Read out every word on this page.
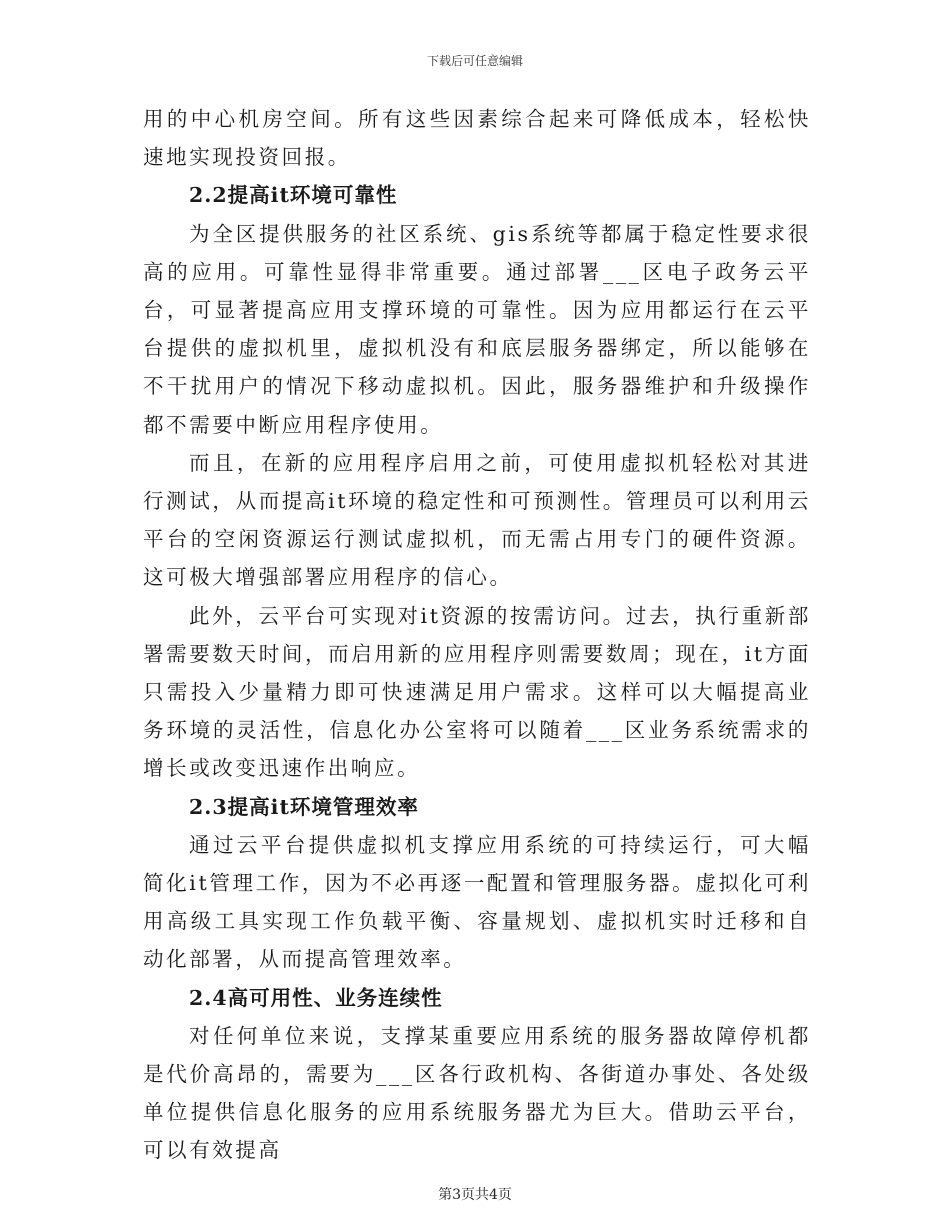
下载后可任意编辑

用的中心机房空间。所有这些因素综合起来可降低成本，轻松快速地实现投资回报。

2.2提高it环境可靠性

为全区提供服务的社区系统、gis系统等都属于稳定性要求很高的应用。可靠性显得非常重要。通过部署___区电子政务云平台，可显著提高应用支撑环境的可靠性。因为应用都运行在云平台提供的虚拟机里，虚拟机没有和底层服务器绑定，所以能够在不干扰用户的情况下移动虚拟机。因此，服务器维护和升级操作都不需要中断应用程序使用。

而且，在新的应用程序启用之前，可使用虚拟机轻松对其进行测试，从而提高it环境的稳定性和可预测性。管理员可以利用云平台的空闲资源运行测试虚拟机，而无需占用专门的硬件资源。这可极大增强部署应用程序的信心。

此外，云平台可实现对it资源的按需访问。过去，执行重新部署需要数天时间，而启用新的应用程序则需要数周；现在，it方面只需投入少量精力即可快速满足用户需求。这样可以大幅提高业务环境的灵活性，信息化办公室将可以随着___区业务系统需求的增长或改变迅速作出响应。

2.3提高it环境管理效率

通过云平台提供虚拟机支撑应用系统的可持续运行，可大幅简化it管理工作，因为不必再逐一配置和管理服务器。虚拟化可利用高级工具实现工作负载平衡、容量规划、虚拟机实时迁移和自动化部署，从而提高管理效率。

2.4高可用性、业务连续性

对任何单位来说，支撑某重要应用系统的服务器故障停机都是代价高昂的，需要为___区各行政机构、各街道办事处、各处级单位提供信息化服务的应用系统服务器尤为巨大。借助云平台，可以有效提高

第3页共4页
